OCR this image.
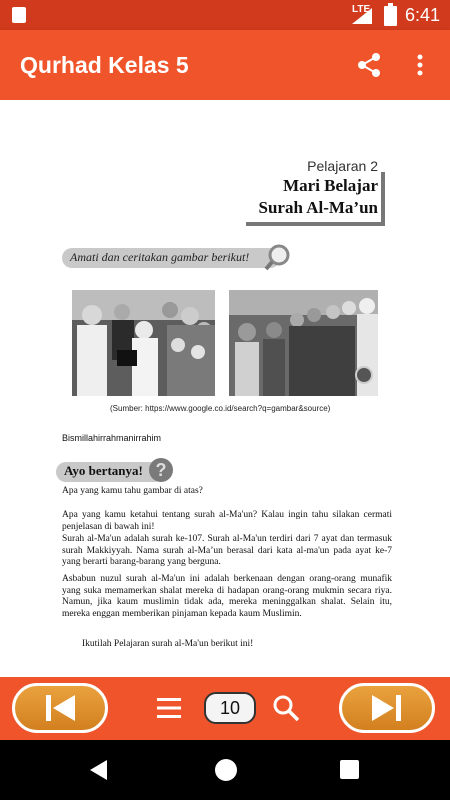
LTE 6:41
Qurhad Kelas 5
Pelajaran 2
Mari Belajar
Surah Al-Ma’un
Amati dan ceritakan gambar berikut!
(Sumber: https://www.google.co.id/search?q=gambar&source)
Bismillahirrahmanirrahim
Ayo bertanya! ?

Apa yang kamu tahu gambar di atas?

Apa yang kamu ketahui tentang surah al-Ma'un? Kalau ingin tahu silakan cermati penjelasan di bawah ini!

Surah al-Ma'un adalah surah ke-107. Surah al-Ma'un terdiri dari 7 ayat dan termasuk surah Makkiyyah. Nama surah al-Ma’un berasal dari kata al-ma'un pada ayat ke-7 yang berarti barang-barang yang berguna.

Asbabun nuzul surah al-Ma'un ini adalah berkenaan dengan orang-orang munafik yang suka memamerkan shalat mereka di hadapan orang-orang mukmin secara riya. Namun, jika kaum muslimin tidak ada, mereka meninggalkan shalat. Selain itu, mereka enggan memberikan pinjaman kepada kaum Muslimin.

Ikutilah Pelajaran surah al-Ma'un berikut ini!

10
